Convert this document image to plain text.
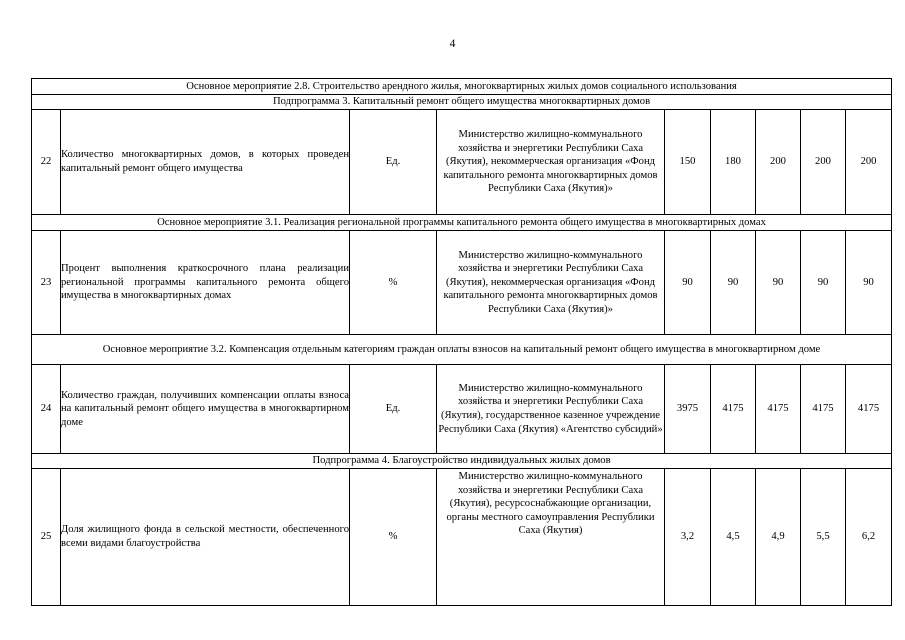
4
Основное мероприятие 2.8. Строительство арендного жилья, многоквартирных жилых домов социального использования								
Подпрограмма 3. Капитальный ремонт общего имущества многоквартирных домов								
22	Количество многоквартирных домов, в которых проведен капитальный ремонт общего имущества	Ед.	Министерство жилищно-коммунального хозяйства и энергетики Республики Саха (Якутия), некоммерческая организация «Фонд капитального ремонта многоквартирных домов Республики Саха (Якутия)»	150	180	200	200	200
Основное мероприятие 3.1. Реализация региональной программы капитального ремонта общего имущества в многоквартирных домах								
23	Процент выполнения краткосрочного плана реализации региональной программы капитального ремонта общего имущества в многоквартирных домах	%	Министерство жилищно-коммунального хозяйства и энергетики Республики Саха (Якутия), некоммерческая организация «Фонд капитального ремонта многоквартирных домов Республики Саха (Якутия)»	90	90	90	90	90
Основное мероприятие 3.2. Компенсация отдельным категориям граждан оплаты взносов на капитальный ремонт общего имущества в многоквартирном доме								
24	Количество граждан, получивших компенсации оплаты взноса на капитальный ремонт общего имущества в многоквартирном доме	Ед.	Министерство жилищно-коммунального хозяйства и энергетики Республики Саха (Якутия), государственное казенное учреждение Республики Саха (Якутия) «Агентство субсидий»	3975	4175	4175	4175	4175
Подпрограмма 4. Благоустройство индивидуальных жилых домов								
25	Доля жилищного фонда в сельской местности, обеспеченного всеми видами благоустройства	%	Министерство жилищно-коммунального хозяйства и энергетики Республики Саха (Якутия), ресурсоснабжающие организации, органы местного самоуправления Республики Саха (Якутия)	3,2	4,5	4,9	5,5	6,2
